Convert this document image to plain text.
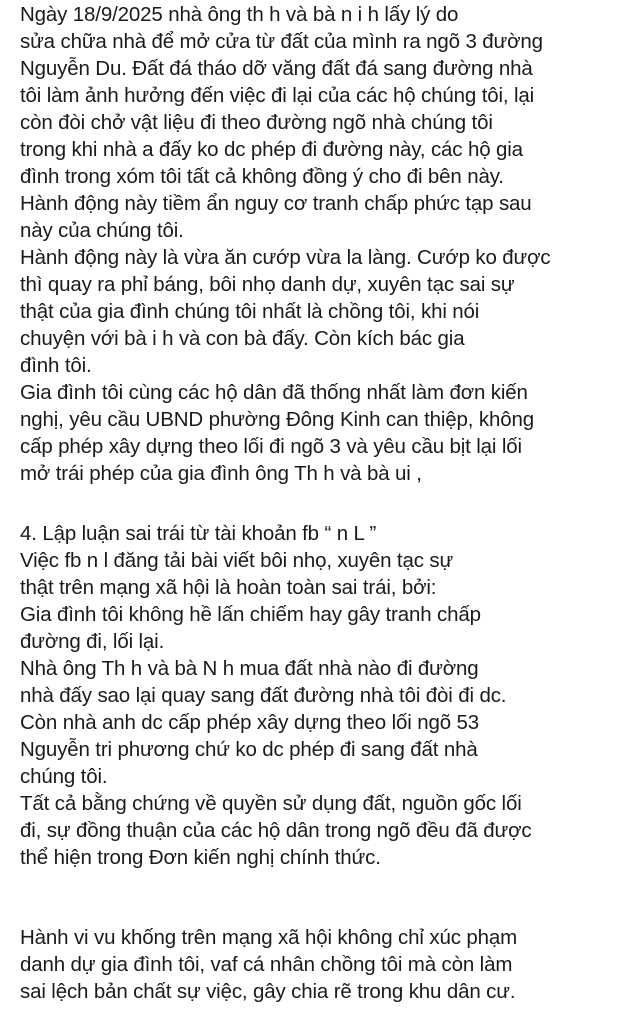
Ngày 18/9/2025 nhà ông th h và bà n i h lấy lý do
sửa chữa nhà để mở cửa từ đất của mình ra ngõ 3 đường
Nguyễn Du. Đất đá tháo dỡ văng đất đá sang đường nhà
tôi làm ảnh hưởng đến việc đi lại của các hộ chúng tôi, lại
còn đòi chở vật liệu đi theo đường ngõ nhà chúng tôi
trong khi nhà a đấy ko dc phép đi đường này, các hộ gia
đình trong xóm tôi tất cả không đồng ý cho đi bên này.
Hành động này tiềm ẩn nguy cơ tranh chấp phức tạp sau
này của chúng tôi.
Hành động này là vừa ăn cướp vừa la làng. Cướp ko được
thì quay ra phỉ báng, bôi nhọ danh dự, xuyên tạc sai sự
thật của gia đình chúng tôi nhất là chồng tôi, khi nói
chuyện với bà i h và con bà đấy. Còn kích bác gia
đình tôi.
Gia đình tôi cùng các hộ dân đã thống nhất làm đơn kiến
nghị, yêu cầu UBND phường Đông Kinh can thiệp, không
cấp phép xây dựng theo lối đi ngõ 3 và yêu cầu bịt lại lối
mở trái phép của gia đình ông Th h và bà ui ,
4. Lập luận sai trái từ tài khoản fb “ n L ”
Việc fb n l đăng tải bài viết bôi nhọ, xuyên tạc sự
thật trên mạng xã hội là hoàn toàn sai trái, bởi:
Gia đình tôi không hề lấn chiếm hay gây tranh chấp
đường đi, lối lại.
Nhà ông Th h và bà N h mua đất nhà nào đi đường
nhà đấy sao lại quay sang đất đường nhà tôi đòi đi dc.
Còn nhà anh dc cấp phép xây dựng theo lối ngõ 53
Nguyễn tri phương chứ ko dc phép đi sang đất nhà
chúng tôi.
Tất cả bằng chứng về quyền sử dụng đất, nguồn gốc lối
đi, sự đồng thuận của các hộ dân trong ngõ đều đã được
thể hiện trong Đơn kiến nghị chính thức.
Hành vi vu khống trên mạng xã hội không chỉ xúc phạm
danh dự gia đình tôi, vaf cá nhân chồng tôi mà còn làm
sai lệch bản chất sự việc, gây chia rẽ trong khu dân cư.
